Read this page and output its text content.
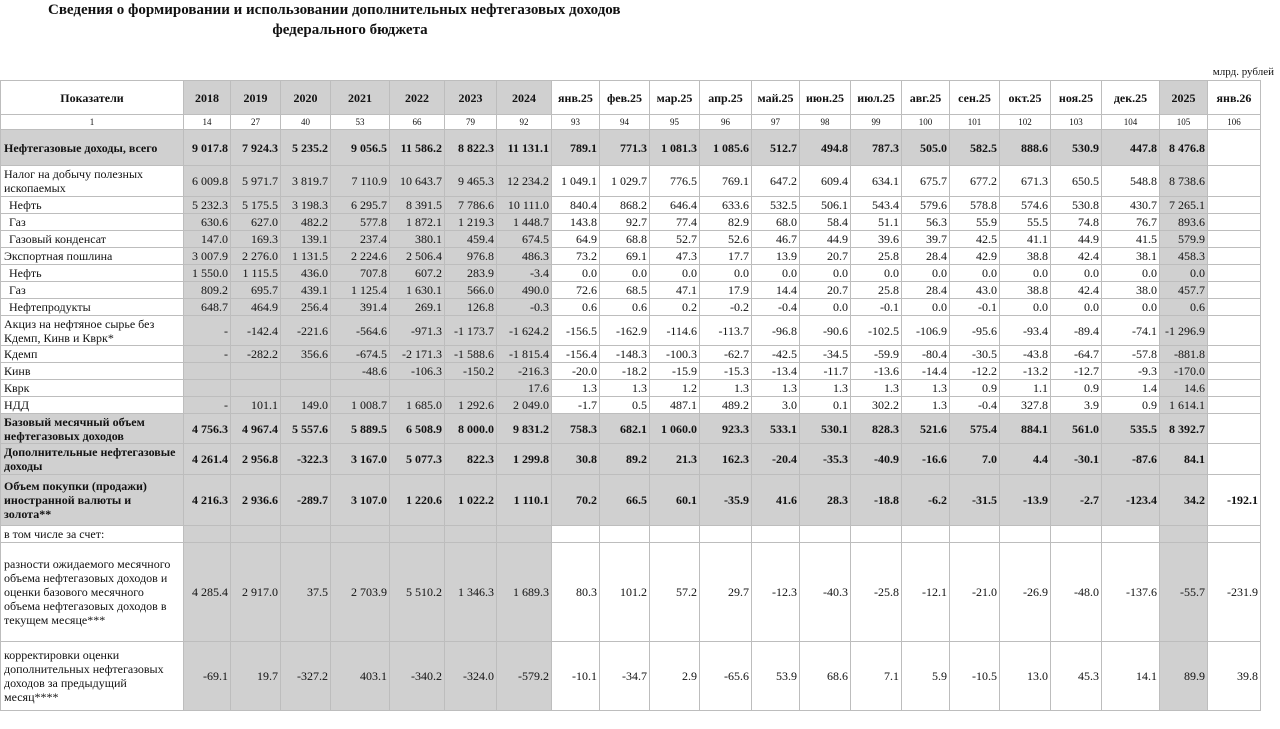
Сведения о формировании и использовании дополнительных нефтегазовых доходов
федерального бюджета
млрд. рублей
Показатели	2018	2019	2020	2021	2022	2023	2024	янв.25	фев.25	мар.25	апр.25	май.25	июн.25	июл.25	авг.25	сен.25	окт.25	ноя.25	дек.25	2025	янв.26
1	14	27	40	53	66	79	92	93	94	95	96	97	98	99	100	101	102	103	104	105	106
Нефтегазовые доходы, всего	9 017.8	7 924.3	5 235.2	9 056.5	11 586.2	8 822.3	11 131.1	789.1	771.3	1 081.3	1 085.6	512.7	494.8	787.3	505.0	582.5	888.6	530.9	447.8	8 476.8	
Налог на добычу полезных ископаемых	6 009.8	5 971.7	3 819.7	7 110.9	10 643.7	9 465.3	12 234.2	1 049.1	1 029.7	776.5	769.1	647.2	609.4	634.1	675.7	677.2	671.3	650.5	548.8	8 738.6	
Нефть	5 232.3	5 175.5	3 198.3	6 295.7	8 391.5	7 786.6	10 111.0	840.4	868.2	646.4	633.6	532.5	506.1	543.4	579.6	578.8	574.6	530.8	430.7	7 265.1	
Газ	630.6	627.0	482.2	577.8	1 872.1	1 219.3	1 448.7	143.8	92.7	77.4	82.9	68.0	58.4	51.1	56.3	55.9	55.5	74.8	76.7	893.6	
Газовый конденсат	147.0	169.3	139.1	237.4	380.1	459.4	674.5	64.9	68.8	52.7	52.6	46.7	44.9	39.6	39.7	42.5	41.1	44.9	41.5	579.9	
Экспортная пошлина	3 007.9	2 276.0	1 131.5	2 224.6	2 506.4	976.8	486.3	73.2	69.1	47.3	17.7	13.9	20.7	25.8	28.4	42.9	38.8	42.4	38.1	458.3	
Нефть	1 550.0	1 115.5	436.0	707.8	607.2	283.9	-3.4	0.0	0.0	0.0	0.0	0.0	0.0	0.0	0.0	0.0	0.0	0.0	0.0	0.0	
Газ	809.2	695.7	439.1	1 125.4	1 630.1	566.0	490.0	72.6	68.5	47.1	17.9	14.4	20.7	25.8	28.4	43.0	38.8	42.4	38.0	457.7	
Нефтепродукты	648.7	464.9	256.4	391.4	269.1	126.8	-0.3	0.6	0.6	0.2	-0.2	-0.4	0.0	-0.1	0.0	-0.1	0.0	0.0	0.0	0.6	
Акциз на нефтяное сырье без Кдемп, Кинв и Кврк*	-	-142.4	-221.6	-564.6	-971.3	-1 173.7	-1 624.2	-156.5	-162.9	-114.6	-113.7	-96.8	-90.6	-102.5	-106.9	-95.6	-93.4	-89.4	-74.1	-1 296.9	
Кдемп	-	-282.2	356.6	-674.5	-2 171.3	-1 588.6	-1 815.4	-156.4	-148.3	-100.3	-62.7	-42.5	-34.5	-59.9	-80.4	-30.5	-43.8	-64.7	-57.8	-881.8	
Кинв				-48.6	-106.3	-150.2	-216.3	-20.0	-18.2	-15.9	-15.3	-13.4	-11.7	-13.6	-14.4	-12.2	-13.2	-12.7	-9.3	-170.0	
Кврк							17.6	1.3	1.3	1.2	1.3	1.3	1.3	1.3	1.3	0.9	1.1	0.9	1.4	14.6	
НДД	-	101.1	149.0	1 008.7	1 685.0	1 292.6	2 049.0	-1.7	0.5	487.1	489.2	3.0	0.1	302.2	1.3	-0.4	327.8	3.9	0.9	1 614.1	
Базовый месячный объем нефтегазовых доходов	4 756.3	4 967.4	5 557.6	5 889.5	6 508.9	8 000.0	9 831.2	758.3	682.1	1 060.0	923.3	533.1	530.1	828.3	521.6	575.4	884.1	561.0	535.5	8 392.7	
Дополнительные нефтегазовые доходы	4 261.4	2 956.8	-322.3	3 167.0	5 077.3	822.3	1 299.8	30.8	89.2	21.3	162.3	-20.4	-35.3	-40.9	-16.6	7.0	4.4	-30.1	-87.6	84.1	
Объем покупки (продажи) иностранной валюты и золота**	4 216.3	2 936.6	-289.7	3 107.0	1 220.6	1 022.2	1 110.1	70.2	66.5	60.1	-35.9	41.6	28.3	-18.8	-6.2	-31.5	-13.9	-2.7	-123.4	34.2	-192.1
в том числе за счет:																					
разности ожидаемого месячного объема нефтегазовых доходов и оценки базового месячного объема нефтегазовых доходов в текущем месяце***	4 285.4	2 917.0	37.5	2 703.9	5 510.2	1 346.3	1 689.3	80.3	101.2	57.2	29.7	-12.3	-40.3	-25.8	-12.1	-21.0	-26.9	-48.0	-137.6	-55.7	-231.9
корректировки оценки дополнительных нефтегазовых доходов за предыдущий месяц****	-69.1	19.7	-327.2	403.1	-340.2	-324.0	-579.2	-10.1	-34.7	2.9	-65.6	53.9	68.6	7.1	5.9	-10.5	13.0	45.3	14.1	89.9	39.8
